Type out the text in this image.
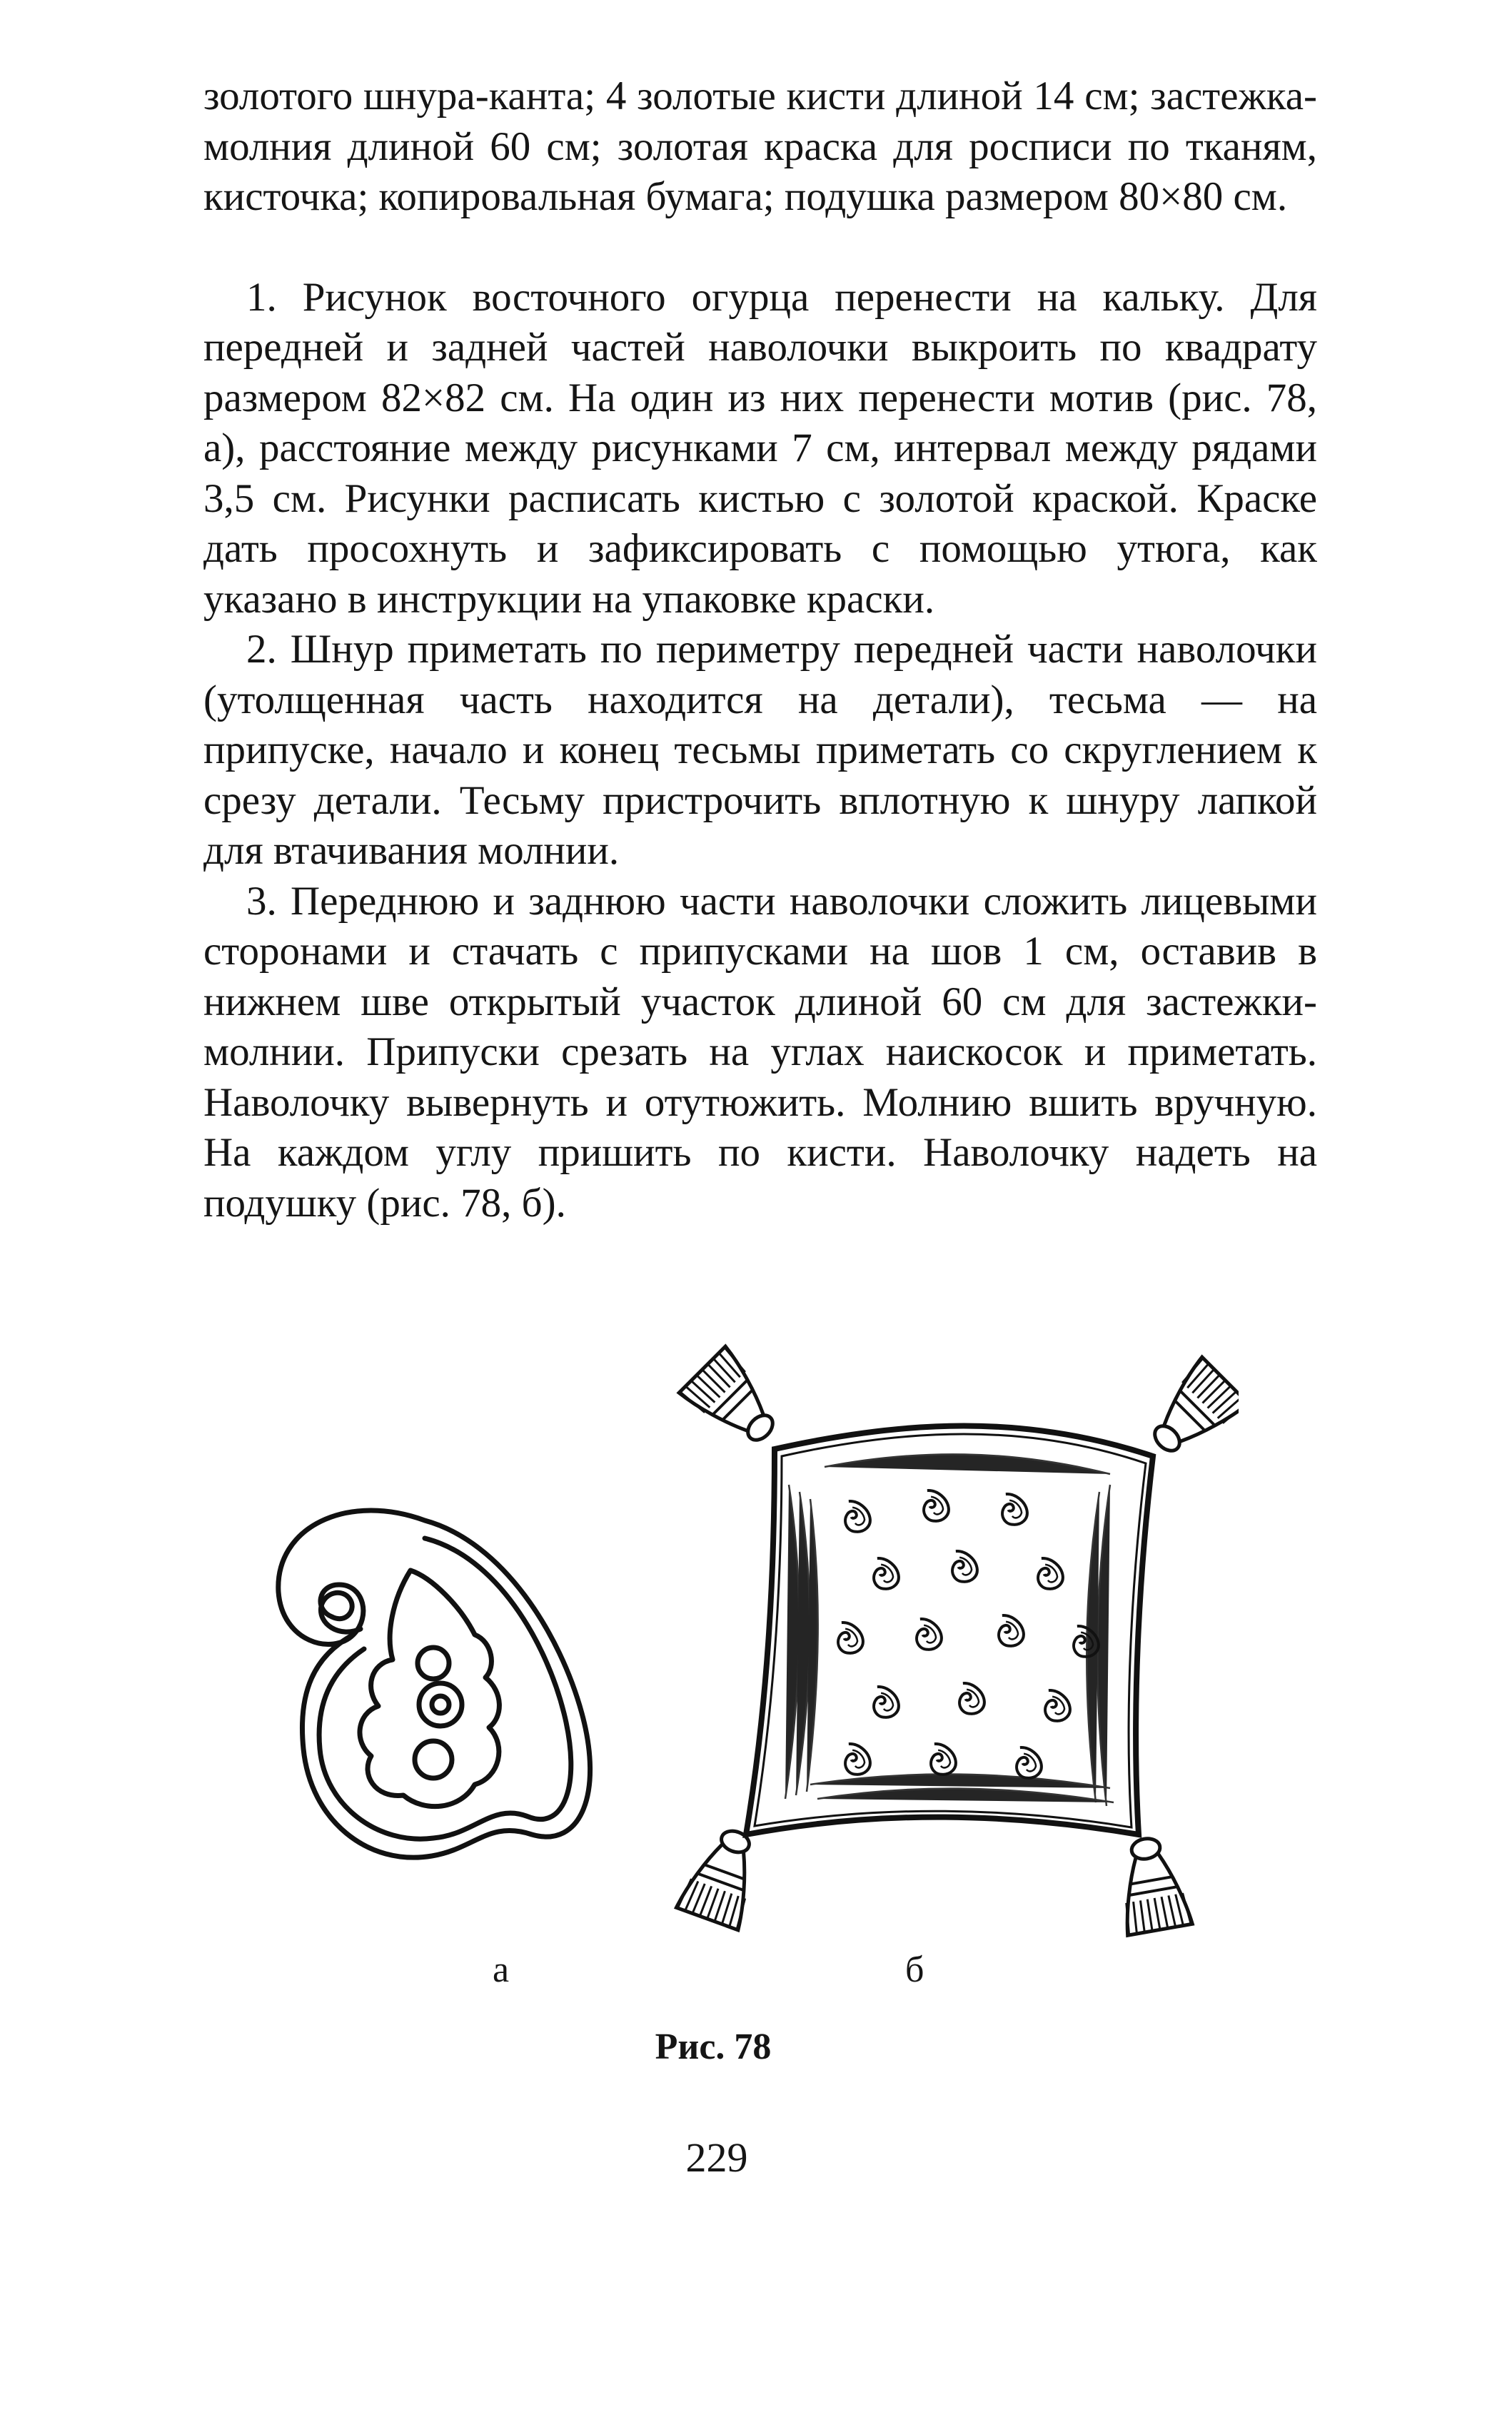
золотого шнура-канта; 4 золотые кисти длиной 14 см; застежка-молния длиной 60 см; золотая краска для росписи по тканям, кисточка; копировальная бумага; подушка размером 80×80 см.

1. Рисунок восточного огурца перенести на кальку. Для передней и задней частей наволочки выкроить по квадрату размером 82×82 см. На один из них перенести мотив (рис. 78, а), расстояние между рисунками 7 см, интервал между рядами 3,5 см. Рисунки расписать кистью с золотой краской. Краске дать просохнуть и зафиксировать с помощью утюга, как указано в инструкции на упаковке краски.

2. Шнур приметать по периметру передней части наволочки (утолщенная часть находится на детали), тесьма — на припуске, начало и конец тесьмы приметать со скруглением к срезу детали. Тесьму пристрочить вплотную к шнуру лапкой для втачивания молнии.

3. Переднюю и заднюю части наволочки сложить лицевыми сторонами и стачать с припусками на шов 1 см, оставив в нижнем шве открытый участок длиной 60 см для застежки-молнии. Припуски срезать на углах наискосок и приметать. Наволочку вывернуть и отутюжить. Молнию вшить вручную. На каждом углу пришить по кисти. Наволочку надеть на подушку (рис. 78, б).

а	б
Рис. 78
229
